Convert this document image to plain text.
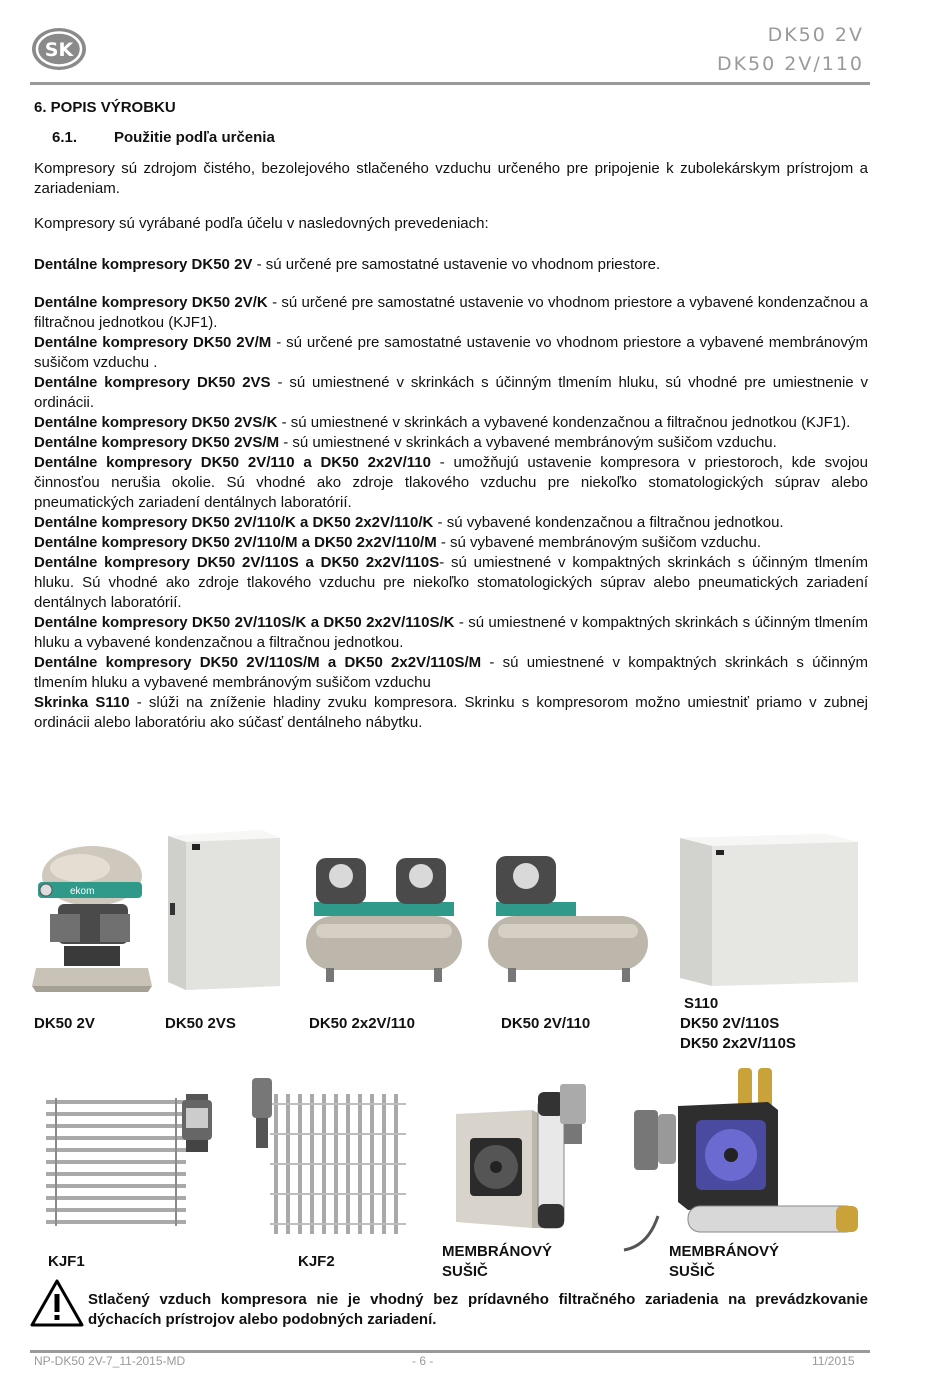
SK
DK50 2V
DK50 2V/110
6. POPIS VÝROBKU
6.1. Použitie podľa určenia
Kompresory sú zdrojom čistého, bezolejového stlačeného vzduchu určeného pre pripojenie k zubolekárskym prístrojom a zariadeniam.
Kompresory sú vyrábané podľa účelu v nasledovných prevedeniach:
Dentálne kompresory DK50 2V - sú určené pre samostatné ustavenie vo vhodnom priestore.

Dentálne kompresory DK50 2V/K - sú určené pre samostatné ustavenie vo vhodnom priestore a vybavené kondenzačnou a filtračnou jednotkou (KJF1).

Dentálne kompresory DK50 2V/M - sú určené pre samostatné ustavenie vo vhodnom priestore a vybavené membránovým sušičom vzduchu .

Dentálne kompresory DK50 2VS - sú umiestnené v skrinkách s účinným tlmením hluku, sú vhodné pre umiestnenie v ordinácii.

Dentálne kompresory DK50 2VS/K - sú umiestnené v skrinkách a vybavené kondenzačnou a filtračnou jednotkou (KJF1).

Dentálne kompresory DK50 2VS/M - sú umiestnené v skrinkách a vybavené membránovým sušičom vzduchu.

Dentálne kompresory DK50 2V/110 a DK50 2x2V/110 - umožňujú ustavenie kompresora v priestoroch, kde svojou činnosťou nerušia okolie. Sú vhodné ako zdroje tlakového vzduchu pre niekoľko stomatologických súprav alebo pneumatických zariadení dentálnych laboratórií.

Dentálne kompresory DK50 2V/110/K a DK50 2x2V/110/K - sú vybavené kondenzačnou a filtračnou jednotkou.

Dentálne kompresory DK50 2V/110/M a DK50 2x2V/110/M - sú vybavené membránovým sušičom vzduchu.

Dentálne kompresory DK50 2V/110S a DK50 2x2V/110S- sú umiestnené v kompaktných skrinkách s účinným tlmením hluku. Sú vhodné ako zdroje tlakového vzduchu pre niekoľko stomatologických súprav alebo pneumatických zariadení dentálnych laboratórií.

Dentálne kompresory DK50 2V/110S/K a DK50 2x2V/110S/K - sú umiestnené v kompaktných skrinkách s účinným tlmením hluku a vybavené kondenzačnou a filtračnou jednotkou.

Dentálne kompresory DK50 2V/110S/M a DK50 2x2V/110S/M - sú umiestnené v kompaktných skrinkách s účinným tlmením hluku a vybavené membránovým sušičom vzduchu

Skrinka S110 - slúži na zníženie hladiny zvuku kompresora. Skrinku s kompresorom možno umiestniť priamo v zubnej ordinácii alebo laboratóriu ako súčasť dentálneho nábytku.

ekom
DK50 2V	DK50 2VS	DK50 2x2V/110	DK50 2V/110
S110
DK50 2V/110S
DK50 2x2V/110S
KJF1	KJF2
MEMBRÁNOVÝ
SUŠIČ
MEMBRÁNOVÝ
SUŠIČ
Stlačený vzduch kompresora nie je vhodný bez prídavného filtračného zariadenia na prevádzkovanie dýchacích prístrojov alebo podobných zariadení.
NP-DK50 2V-7_11-2015-MD	- 6 -	11/2015
